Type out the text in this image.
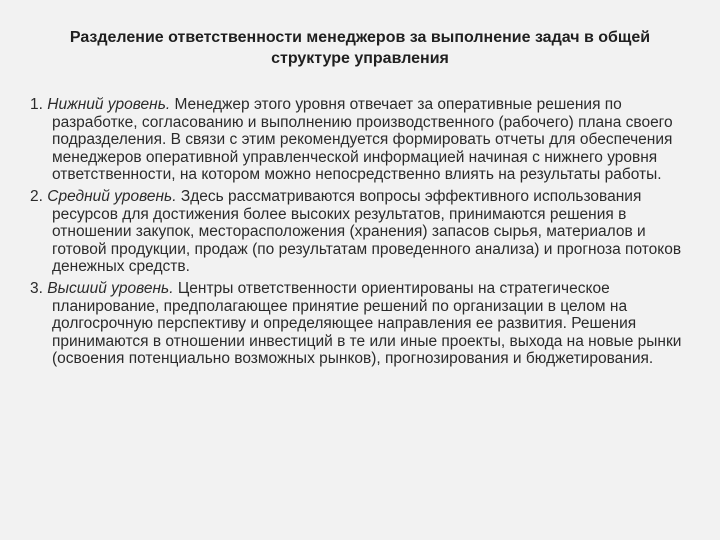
Разделение ответственности менеджеров за выполнение задач в общей структуре управления

1. Нижний уровень. Менеджер этого уровня отвечает за оперативные решения по разработке, согласованию и выполнению производственного (рабочего) плана своего подразделения. В связи с этим рекомендуется формировать отчеты для обеспечения менеджеров оперативной управленческой информацией начиная с нижнего уровня ответственности, на котором можно непосредственно влиять на результаты работы.

2. Средний уровень. Здесь рассматриваются вопросы эффективного использования ресурсов для достижения более высоких результатов, принимаются решения в отношении закупок, месторасположения (хранения) запасов сырья, материалов и готовой продукции, продаж (по результатам проведенного анализа) и прогноза потоков денежных средств.

3. Высший уровень. Центры ответственности ориентированы на стратегическое планирование, предполагающее принятие решений по организации в целом на долгосрочную перспективу и определяющее направления ее развития. Решения принимаются в отношении инвестиций в те или иные проекты, выхода на новые рынки (освоения потенциально возможных рынков), прогнозирования и бюджетирования.
